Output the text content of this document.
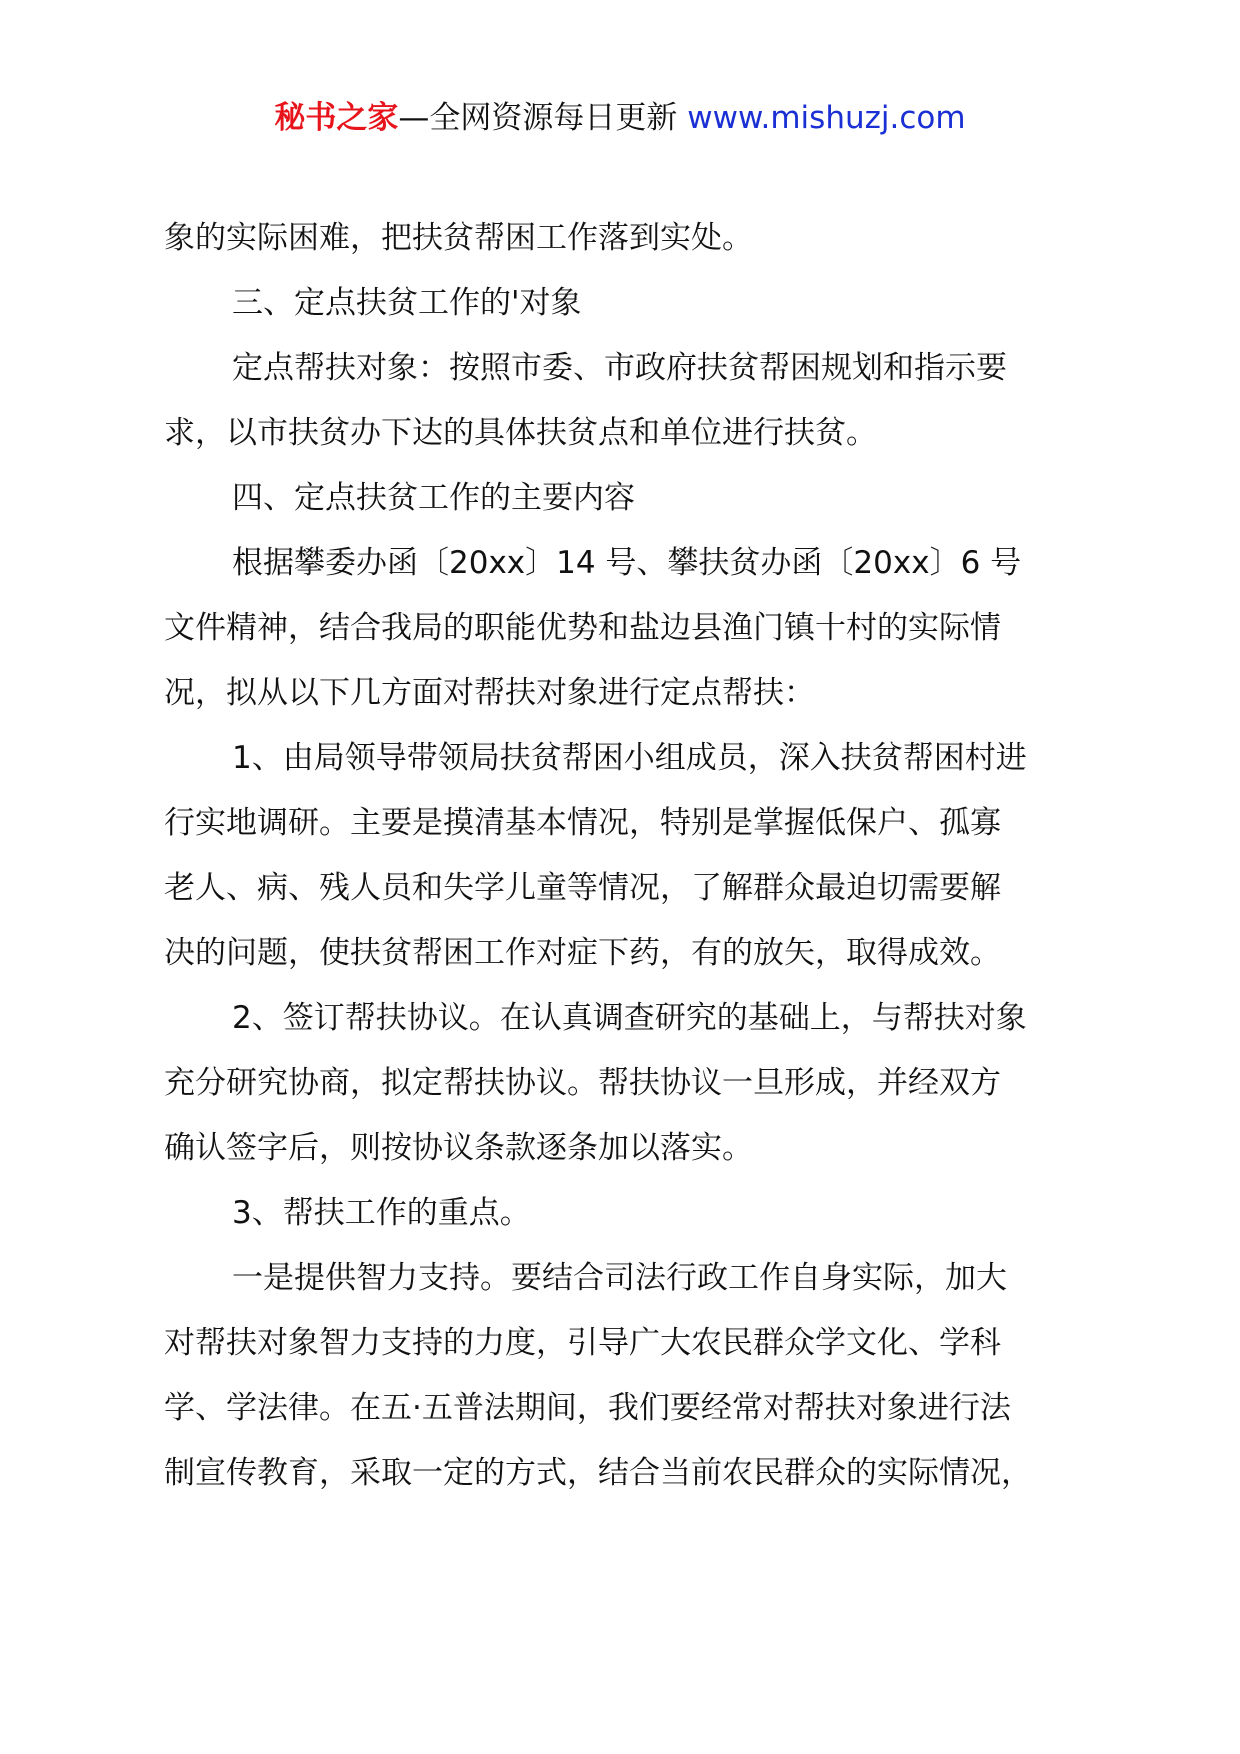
秘书之家—全网资源每日更新 www.mishuzj.com

象的实际困难，把扶贫帮困工作落到实处。

三、定点扶贫工作的'对象

定点帮扶对象：按照市委、市政府扶贫帮困规划和指示要

求，以市扶贫办下达的具体扶贫点和单位进行扶贫。

四、定点扶贫工作的主要内容

根据攀委办函〔20xx〕14 号、攀扶贫办函〔20xx〕6 号

文件精神，结合我局的职能优势和盐边县渔门镇十村的实际情

况，拟从以下几方面对帮扶对象进行定点帮扶：

1、由局领导带领局扶贫帮困小组成员，深入扶贫帮困村进

行实地调研。主要是摸清基本情况，特别是掌握低保户、孤寡

老人、病、残人员和失学儿童等情况，了解群众最迫切需要解

决的问题，使扶贫帮困工作对症下药，有的放矢，取得成效。

2、签订帮扶协议。在认真调查研究的基础上，与帮扶对象

充分研究协商，拟定帮扶协议。帮扶协议一旦形成，并经双方

确认签字后，则按协议条款逐条加以落实。

3、帮扶工作的重点。

一是提供智力支持。要结合司法行政工作自身实际，加大

对帮扶对象智力支持的力度，引导广大农民群众学文化、学科

学、学法律。在五·五普法期间，我们要经常对帮扶对象进行法

制宣传教育，采取一定的方式，结合当前农民群众的实际情况，
